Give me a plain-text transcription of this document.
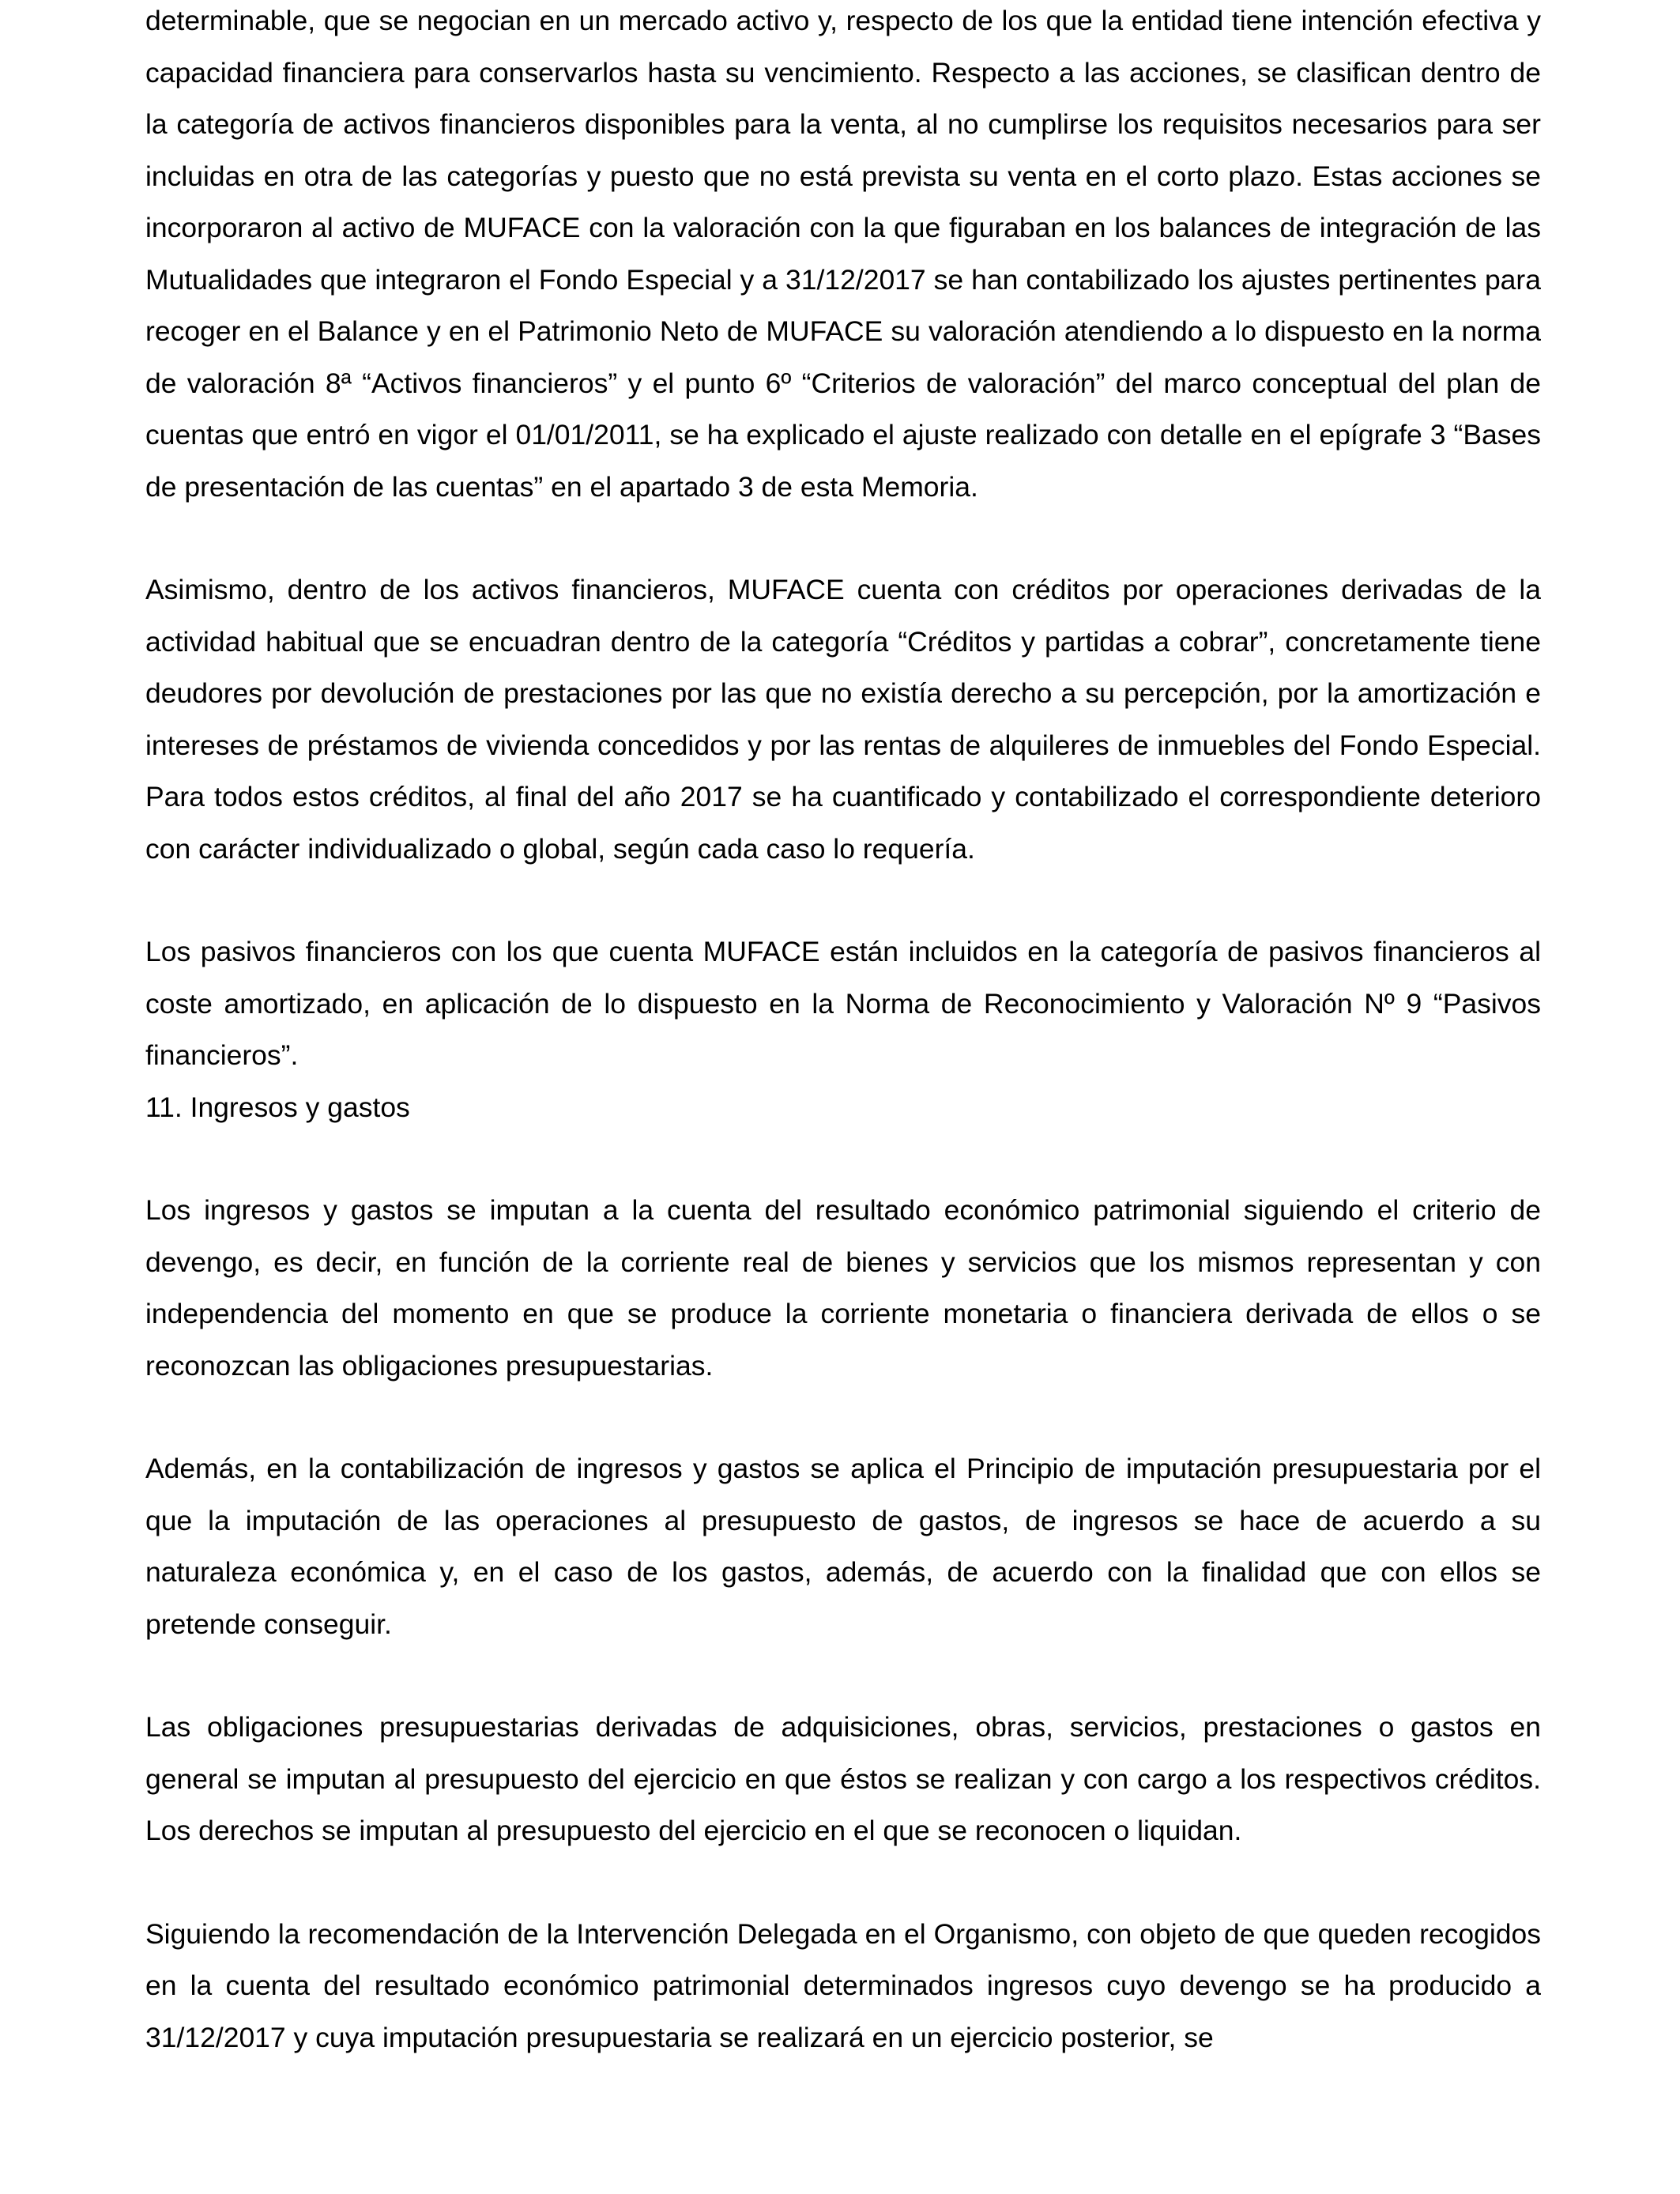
determinable, que se negocian en un mercado activo y, respecto de los que la entidad tiene intención efectiva y capacidad financiera para conservarlos hasta su vencimiento. Respecto a las acciones, se clasifican dentro de la categoría de activos financieros disponibles para la venta, al no cumplirse los requisitos necesarios para ser incluidas en otra de las categorías y puesto que no está prevista su venta en el corto plazo. Estas acciones se incorporaron al activo de MUFACE con la valoración con la que figuraban en los balances de integración de las Mutualidades que integraron el Fondo Especial y a 31/12/2017 se han contabilizado los ajustes pertinentes para recoger en el Balance y en el Patrimonio Neto de MUFACE su valoración atendiendo a lo dispuesto en la norma de valoración 8ª “Activos financieros” y el punto 6º “Criterios de valoración” del marco conceptual del plan de cuentas que entró en vigor el 01/01/2011, se ha explicado el ajuste realizado con detalle en el epígrafe 3 “Bases de presentación de las cuentas” en el apartado 3 de esta Memoria.

Asimismo, dentro de los activos financieros, MUFACE cuenta con créditos por operaciones derivadas de la actividad habitual que se encuadran dentro de la categoría “Créditos y partidas a cobrar”, concretamente tiene deudores por devolución de prestaciones por las que no existía derecho a su percepción, por la amortización e intereses de préstamos de vivienda concedidos y por las rentas de alquileres de inmuebles del Fondo Especial. Para todos estos créditos, al final del año 2017 se ha cuantificado y contabilizado el correspondiente deterioro con carácter individualizado o global, según cada caso lo requería.

Los pasivos financieros con los que cuenta MUFACE están incluidos en la categoría de pasivos financieros al coste amortizado, en aplicación de lo dispuesto en la Norma de Reconocimiento y Valoración Nº 9 “Pasivos financieros”.

11. Ingresos y gastos

Los ingresos y gastos se imputan a la cuenta del resultado económico patrimonial siguiendo el criterio de devengo, es decir, en función de la corriente real de bienes y servicios que los mismos representan y con independencia del momento en que se produce la corriente monetaria o financiera derivada de ellos o se reconozcan las obligaciones presupuestarias.

Además, en la contabilización de ingresos y gastos se aplica el Principio de imputación presupuestaria por el que la imputación de las operaciones al presupuesto de gastos, de ingresos se hace de acuerdo a su naturaleza económica y, en el caso de los gastos, además, de acuerdo con la finalidad que con ellos se pretende conseguir.

Las obligaciones presupuestarias derivadas de adquisiciones, obras, servicios, prestaciones o gastos en general se imputan al presupuesto del ejercicio en que éstos se realizan y con cargo a los respectivos créditos. Los derechos se imputan al presupuesto del ejercicio en el que se reconocen o liquidan.

Siguiendo la recomendación de la Intervención Delegada en el Organismo, con objeto de que queden recogidos en la cuenta del resultado económico patrimonial determinados ingresos cuyo devengo se ha producido a 31/12/2017 y cuya imputación presupuestaria se realizará en un ejercicio posterior, se
